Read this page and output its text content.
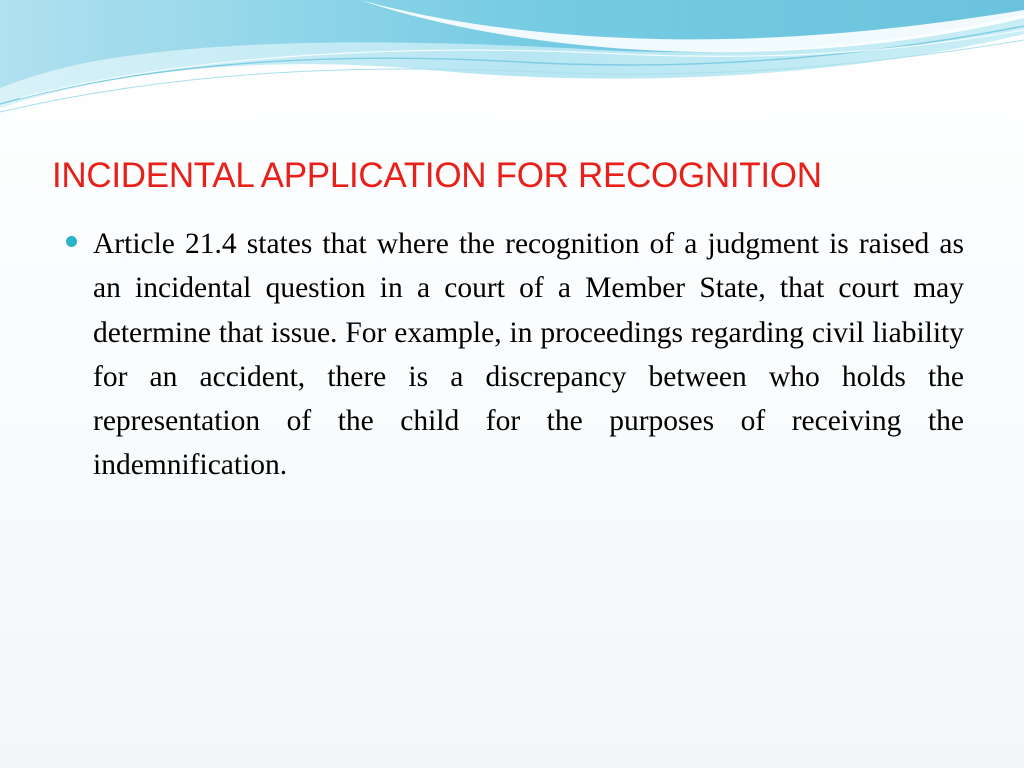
INCIDENTAL APPLICATION FOR RECOGNITION

Article 21.4 states that where the recognition of a judgment is raised as an incidental question in a court of a Member State, that court may determine that issue. For example, in proceedings regarding civil liability for an accident, there is a discrepancy between who holds the representation of the child for the purposes of receiving the indemnification.
